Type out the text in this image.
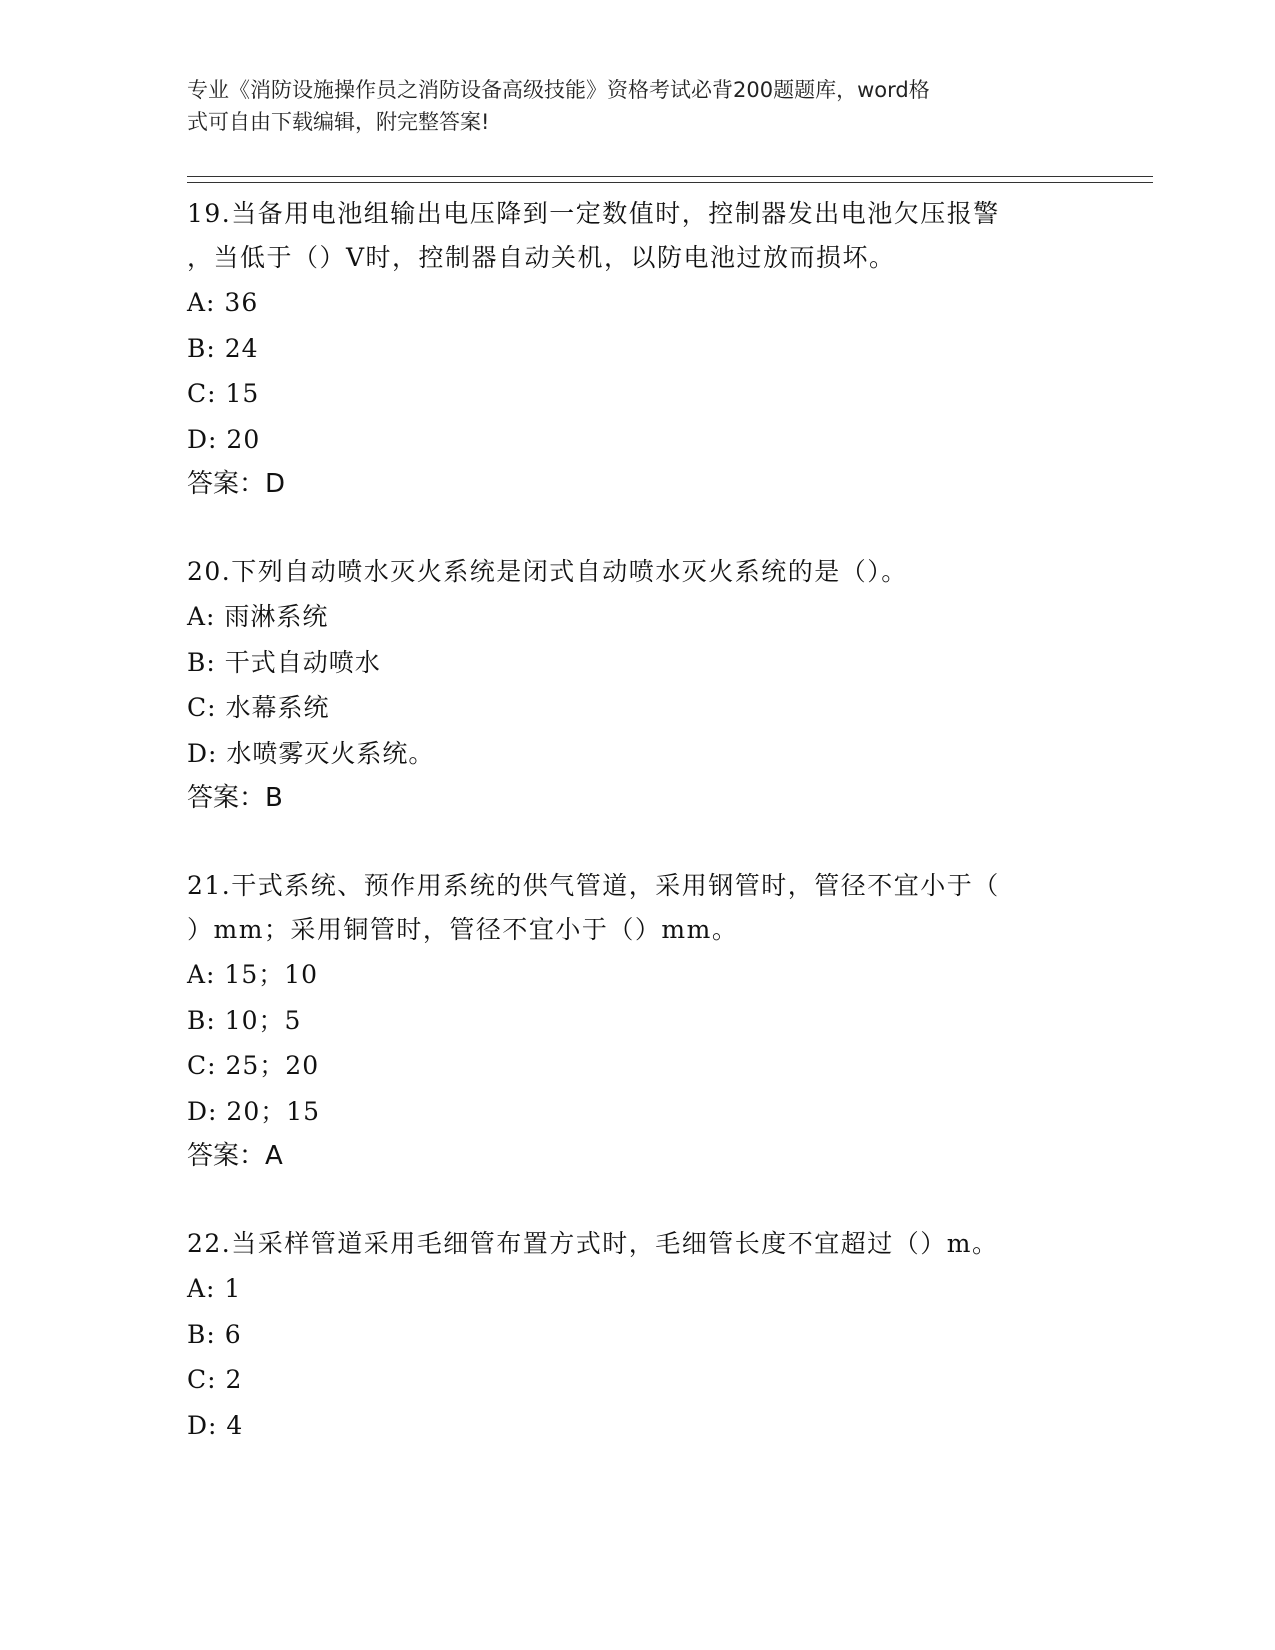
专业《消防设施操作员之消防设备高级技能》资格考试必背200题题库，word格
式可自由下载编辑，附完整答案!
19.当备用电池组输出电压降到一定数值时，控制器发出电池欠压报警
，当低于（）V时，控制器自动关机，以防电池过放而损坏。
A: 36
B: 24
C: 15
D: 20
答案：D
20.下列自动喷水灭火系统是闭式自动喷水灭火系统的是（）。
A: 雨淋系统
B: 干式自动喷水
C: 水幕系统
D: 水喷雾灭火系统。
答案：B
21.干式系统、预作用系统的供气管道，采用钢管时，管径不宜小于（
）mm；采用铜管时，管径不宜小于（）mm。
A: 15；10
B: 10；5
C: 25；20
D: 20；15
答案：A
22.当采样管道采用毛细管布置方式时，毛细管长度不宜超过（）m。
A: 1
B: 6
C: 2
D: 4
